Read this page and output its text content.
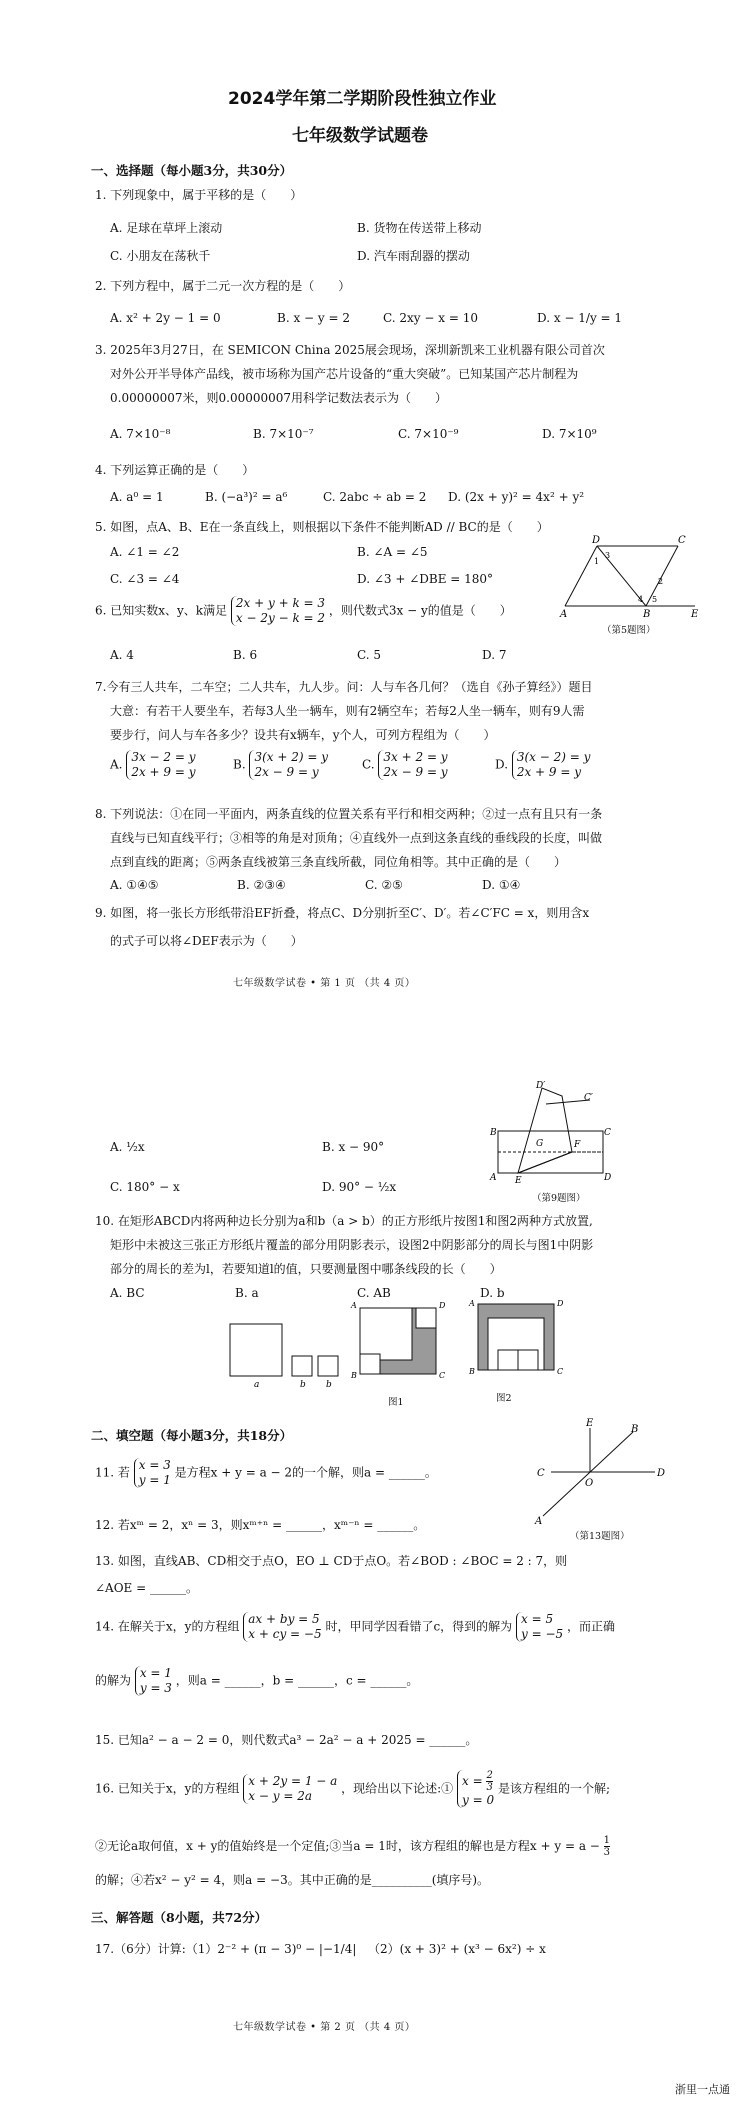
2024学年第二学期阶段性独立作业
七年级数学试题卷
一、选择题（每小题3分，共30分）
1. 下列现象中，属于平移的是（　　）
A. 足球在草坪上滚动	B. 货物在传送带上移动
C. 小朋友在荡秋千	D. 汽车雨刮器的摆动
2. 下列方程中，属于二元一次方程的是（　　）
A. x² + 2y − 1 = 0	B. x − y = 2	C. 2xy − x = 10	D. x − 1/y = 1
3. 2025年3月27日，在 SEMICON China 2025展会现场，深圳新凯来工业机器有限公司首次
对外公开半导体产品线，被市场称为国产芯片设备的“重大突破”。已知某国产芯片制程为
0.00000007米，则0.00000007用科学记数法表示为（　　）
A. 7×10⁻⁸	B. 7×10⁻⁷	C. 7×10⁻⁹	D. 7×10⁹
4. 下列运算正确的是（　　）
A. a⁰ = 1	B. (−a³)² = a⁶	C. 2abc ÷ ab = 2 D. (2x + y)² = 4x² + y²
5. 如图，点A、B、E在一条直线上，则根据以下条件不能判断AD // BC的是（　　）
A. ∠1 = ∠2	B. ∠A = ∠5
C. ∠3 = ∠4	D. ∠3 + ∠DBE = 180°
D	C
3
1
2
4 5
A	B	E
（第5题图）
6. 已知实数x、y、k满足
2x + y + k = 3
x − 2y − k = 2
，则代数式3x − y的值是（　　）
A. 4	B. 6	C. 5	D. 7
7.今有三人共车，二车空；二人共车，九人步。问：人与车各几何？（选自《孙子算经》）题目
大意：有若干人要坐车，若每3人坐一辆车，则有2辆空车；若每2人坐一辆车，则有9人需
要步行，问人与车各多少？设共有x辆车，y个人，可列方程组为（　　）
A.
3x − 2 = y
2x + 9 = y
B.
3(x + 2) = y
2x − 9 = y
C.
3x + 2 = y
2x − 9 = y
D.
3(x − 2) = y
2x + 9 = y
8. 下列说法：①在同一平面内，两条直线的位置关系有平行和相交两种；②过一点有且只有一条
直线与已知直线平行；③相等的角是对顶角；④直线外一点到这条直线的垂线段的长度，叫做
点到直线的距离；⑤两条直线被第三条直线所截，同位角相等。其中正确的是（　　）
A. ①④⑤	B. ②③④	C. ②⑤	D. ①④
9. 如图，将一张长方形纸带沿EF折叠，将点C、D分别折至C′、D′。若∠C′FC = x，则用含x
的式子可以将∠DEF表示为（　　）
七年级数学试卷 • 第 1 页 （共 4 页）
A. ½x	B. x − 90°
C. 180° − x	D. 90° − ½x
D′
C′
B
G	F
C
A E	D
（第9题图）
10. 在矩形ABCD内将两种边长分别为a和b（a > b）的正方形纸片按图1和图2两种方式放置,
矩形中未被这三张正方形纸片覆盖的部分用阴影表示，设图2中阴影部分的周长与图1中阴影
部分的周长的差为l，若要知道l的值，只要测量图中哪条线段的长（　　）
A. BC	B. a	C. AB	D. b
a	b b
A	D
B	C
A	D
B	C
图1	图2
二、填空题（每小题3分，共18分）
11. 若
x = 3
y = 1
是方程x + y = a − 2的一个解，则a = ______。
12. 若xᵐ = 2，xⁿ = 3，则xᵐ⁺ⁿ = ______，xᵐ⁻ⁿ = ______。
13. 如图，直线AB、CD相交于点O，EO ⊥ CD于点O。若∠BOD : ∠BOC = 2 : 7，则
∠AOE = ______。
E
B
C
O
D
A
（第13题图）
14. 在解关于x，y的方程组
ax + by = 5
x + cy = −5
时，甲同学因看错了c，得到的解为
x = 5
y = −5
，而正确
的解为
x = 1
y = 3
，则a = ______，b = ______，c = ______。
15. 已知a² − a − 2 = 0，则代数式a³ − 2a² − a + 2025 = ______。
16. 已知关于x，y的方程组
x + 2y = 1 − a
x − y = 2a
，现给出以下论述:①
$x = \frac{2}{3}$
y = 0
是该方程组的一个解;
②无论a取何值，x + y的值始终是一个定值;③当a = 1时，该方程组的解也是方程$x + y = a - \frac{1}{3}$
的解；④若x² − y² = 4，则a = −3。其中正确的是__________(填序号)。
三、解答题（8小题，共72分）
17.（6分）计算:（1）2⁻² + (π − 3)⁰ − |−1/4| （2）(x + 3)² + (x³ − 6x²) ÷ x
七年级数学试卷 • 第 2 页 （共 4 页）
浙里一点通
